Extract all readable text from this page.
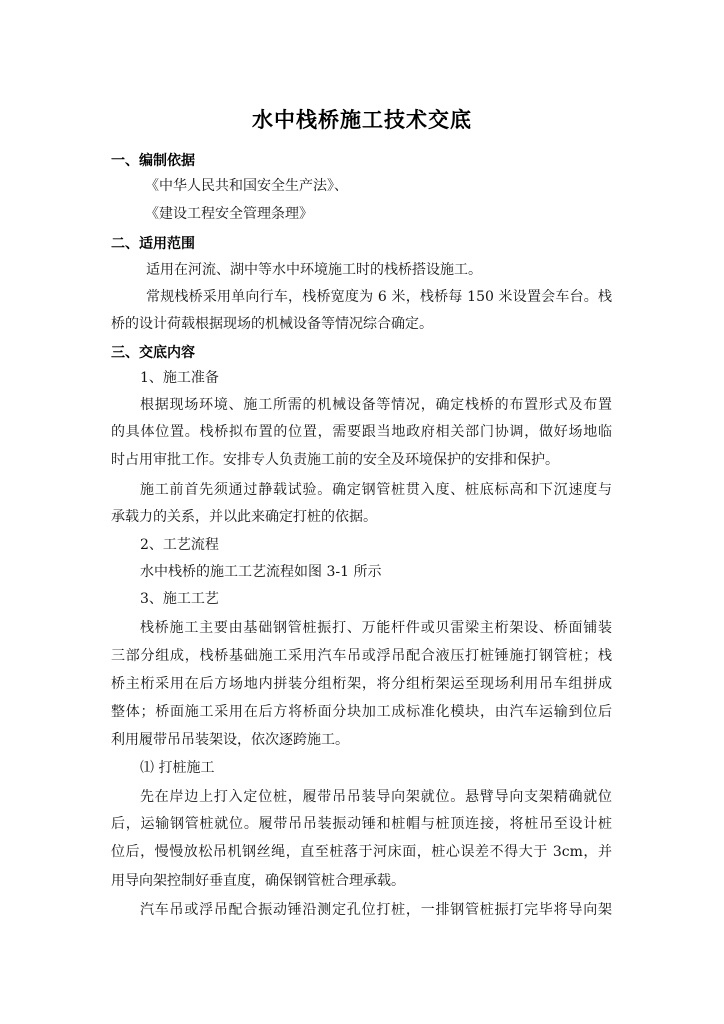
水中栈桥施工技术交底
一、编制依据
《中华人民共和国安全生产法》、
《建设工程安全管理条理》
二、适用范围
适用在河流、湖中等水中环境施工时的栈桥搭设施工。
常规栈桥采用单向行车，栈桥宽度为 6 米，栈桥每 150 米设置会车台。栈
桥的设计荷载根据现场的机械设备等情况综合确定。
三、交底内容
1、施工准备
根据现场环境、施工所需的机械设备等情况，确定栈桥的布置形式及布置
的具体位置。栈桥拟布置的位置，需要跟当地政府相关部门协调，做好场地临
时占用审批工作。安排专人负责施工前的安全及环境保护的安排和保护。
施工前首先须通过静载试验。确定钢管桩贯入度、桩底标高和下沉速度与
承载力的关系，并以此来确定打桩的依据。
2、工艺流程
水中栈桥的施工工艺流程如图 3-1 所示
3、施工工艺
栈桥施工主要由基础钢管桩振打、万能杆件或贝雷梁主桁架设、桥面铺装
三部分组成，栈桥基础施工采用汽车吊或浮吊配合液压打桩锤施打钢管桩；栈
桥主桁采用在后方场地内拼装分组桁架，将分组桁架运至现场利用吊车组拼成
整体；桥面施工采用在后方将桥面分块加工成标准化模块，由汽车运输到位后
利用履带吊吊装架设，依次逐跨施工。
⑴ 打桩施工
先在岸边上打入定位桩，履带吊吊装导向架就位。悬臂导向支架精确就位
后，运输钢管桩就位。履带吊吊装振动锤和桩帽与桩顶连接，将桩吊至设计桩
位后，慢慢放松吊机钢丝绳，直至桩落于河床面，桩心误差不得大于 3cm，并
用导向架控制好垂直度，确保钢管桩合理承载。
汽车吊或浮吊配合振动锤沿测定孔位打桩，一排钢管桩振打完毕将导向架
